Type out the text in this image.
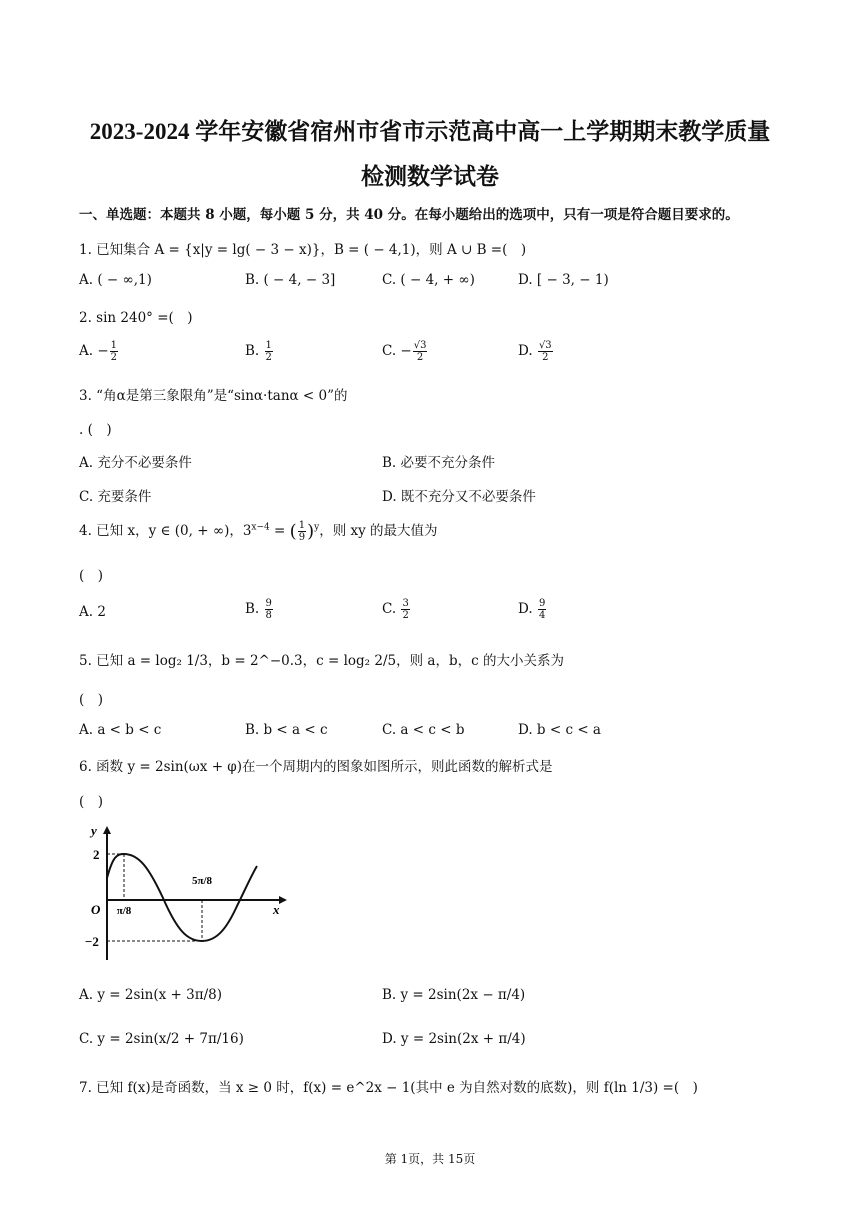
2023-2024 学年安徽省宿州市省市示范高中高一上学期期末教学质量
检测数学试卷
一、单选题：本题共 8 小题，每小题 5 分，共 40 分。在每小题给出的选项中，只有一项是符合题目要求的。
1. 已知集合 A = {x|y = lg( − 3 − x)}，B = ( − 4,1)，则 A ∪ B =(　)
A. ( − ∞,1)	B. ( − 4, − 3]	C. ( − 4, + ∞)	D. [ − 3, − 1)
2. sin 240° =(　)
A. − $\frac{1}{2}$	B. $\frac{1}{2}$	C. − $\frac{√3}{2}$	D. $\frac{√3}{2}$
3. “角α是第三象限角”是“sinα·tanα < 0”的
. (　)
A. 充分不必要条件	B. 必要不充分条件
C. 充要条件	D. 既不充分又不必要条件
4. 已知 x，y ∈ (0, + ∞)，$3^{x-4}$ = ( $\frac{1}{9} )^y$，则 xy 的最大值为
(　)
A. 2	B. $\frac{9}{8}$	C. $\frac{3}{2}$	D. $\frac{9}{4}$
5. 已知 a = log₂ 1/3，b = 2^−0.3，c = log₂ 2/5，则 a，b，c 的大小关系为
(　)
A. a < b < c	B. b < a < c	C. a < c < b	D. b < c < a
6. 函数 y = 2sin(ωx + φ)在一个周期内的图象如图所示，则此函数的解析式是
(　)
y
x
O
2
−2
π/8
5π/8
A. y = 2sin(x + 3π/8)	B. y = 2sin(2x − π/4)
C. y = 2sin(x/2 + 7π/16)	D. y = 2sin(2x + π/4)
7. 已知 f(x)是奇函数，当 x ≥ 0 时，f(x) = e^2x − 1(其中 e 为自然对数的底数)，则 f(ln 1/3) =(　)
第 1页，共 15页
